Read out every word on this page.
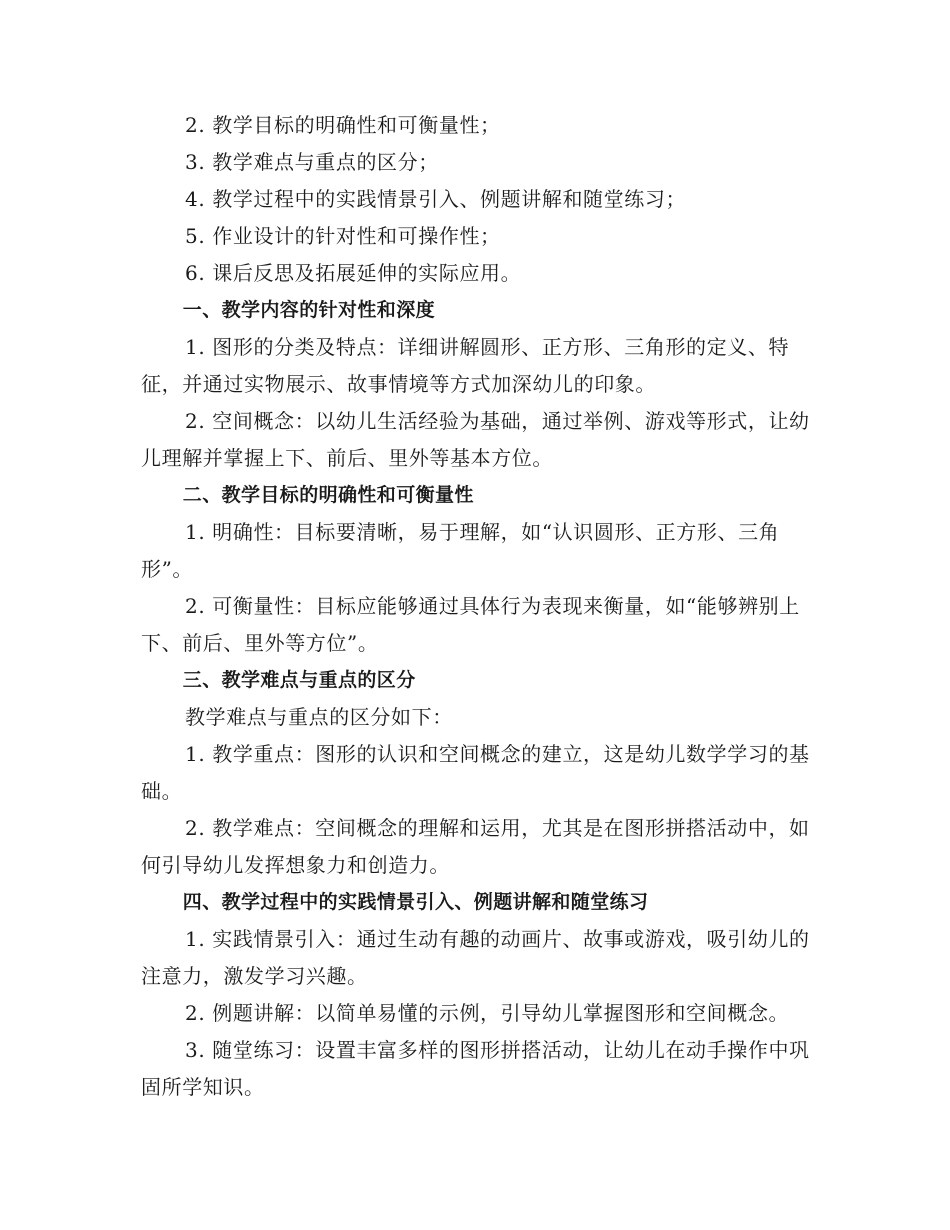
2. 教学目标的明确性和可衡量性；

3. 教学难点与重点的区分；

4. 教学过程中的实践情景引入、例题讲解和随堂练习；

5. 作业设计的针对性和可操作性；

6. 课后反思及拓展延伸的实际应用。

一、教学内容的针对性和深度

1. 图形的分类及特点：详细讲解圆形、正方形、三角形的定义、特征，并通过实物展示、故事情境等方式加深幼儿的印象。

2. 空间概念：以幼儿生活经验为基础，通过举例、游戏等形式，让幼儿理解并掌握上下、前后、里外等基本方位。

二、教学目标的明确性和可衡量性

1. 明确性：目标要清晰，易于理解，如“认识圆形、正方形、三角形”。

2. 可衡量性：目标应能够通过具体行为表现来衡量，如“能够辨别上下、前后、里外等方位”。

三、教学难点与重点的区分

教学难点与重点的区分如下：

1. 教学重点：图形的认识和空间概念的建立，这是幼儿数学学习的基础。

2. 教学难点：空间概念的理解和运用，尤其是在图形拼搭活动中，如何引导幼儿发挥想象力和创造力。

四、教学过程中的实践情景引入、例题讲解和随堂练习

1. 实践情景引入：通过生动有趣的动画片、故事或游戏，吸引幼儿的注意力，激发学习兴趣。

2. 例题讲解：以简单易懂的示例，引导幼儿掌握图形和空间概念。

3. 随堂练习：设置丰富多样的图形拼搭活动，让幼儿在动手操作中巩固所学知识。
